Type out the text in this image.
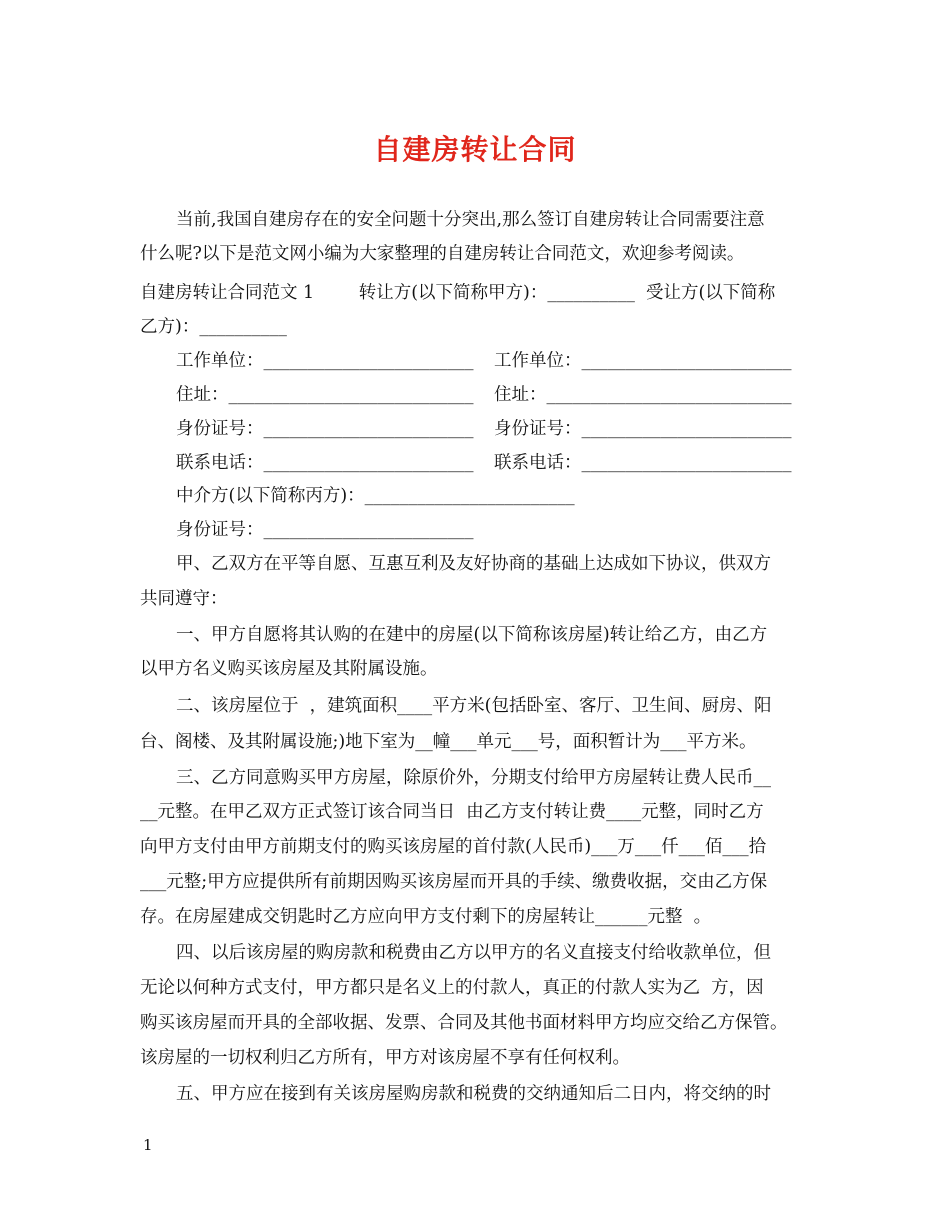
自建房转让合同
当前,我国自建房存在的安全问题十分突出,那么签订自建房转让合同需要注意
什么呢?以下是范文网小编为大家整理的自建房转让合同范文，欢迎参考阅读。
自建房转让合同范文 1        转让方(以下简称甲方)：__________  受让方(以下简称
乙方)：__________
工作单位：________________________ 工作单位：________________________
住址：____________________________ 住址：____________________________
身份证号：________________________ 身份证号：________________________
联系电话：________________________ 联系电话：________________________
中介方(以下简称丙方)：________________________
身份证号：________________________
甲、乙双方在平等自愿、互惠互利及友好协商的基础上达成如下协议，供双方
共同遵守：
一、甲方自愿将其认购的在建中的房屋(以下简称该房屋)转让给乙方，由乙方
以甲方名义购买该房屋及其附属设施。
二、该房屋位于  ，建筑面积____平方米(包括卧室、客厅、卫生间、厨房、阳
台、阁楼、及其附属设施;)地下室为__幢___单元___号，面积暂计为___平方米。
三、乙方同意购买甲方房屋，除原价外，分期支付给甲方房屋转让费人民币__
__元整。在甲乙双方正式签订该合同当日  由乙方支付转让费____元整，同时乙方
向甲方支付由甲方前期支付的购买该房屋的首付款(人民币)___万___仟___佰___拾
___元整;甲方应提供所有前期因购买该房屋而开具的手续、缴费收据，交由乙方保
存。在房屋建成交钥匙时乙方应向甲方支付剩下的房屋转让______元整  。
四、以后该房屋的购房款和税费由乙方以甲方的名义直接支付给收款单位，但
无论以何种方式支付，甲方都只是名义上的付款人，真正的付款人实为乙  方，因
购买该房屋而开具的全部收据、发票、合同及其他书面材料甲方均应交给乙方保管。
该房屋的一切权利归乙方所有，甲方对该房屋不享有任何权利。
五、甲方应在接到有关该房屋购房款和税费的交纳通知后二日内，将交纳的时
1
